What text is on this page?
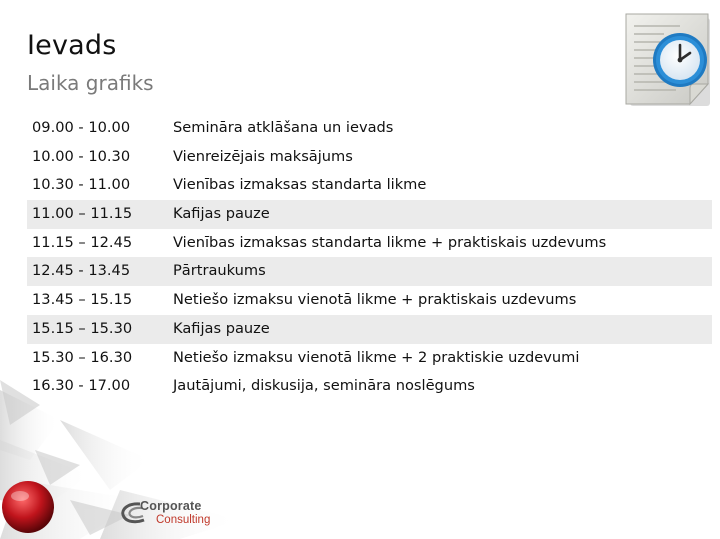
Ievads
Laika grafiks
09.00 - 10.00	Semināra atklāšana un ievads
10.00 - 10.30	Vienreizējais maksājums
10.30 - 11.00	Vienības izmaksas standarta likme
11.00 – 11.15	Kafijas pauze
11.15 – 12.45	Vienības izmaksas standarta likme + praktiskais uzdevums
12.45 - 13.45	Pārtraukums
13.45 – 15.15	Netiešo izmaksu vienotā likme + praktiskais uzdevums
15.15 – 15.30	Kafijas pauze
15.30 – 16.30	Netiešo izmaksu vienotā likme + 2 praktiskie uzdevumi
16.30 - 17.00	Jautājumi, diskusija, semināra noslēgums
Corporate
Consulting
